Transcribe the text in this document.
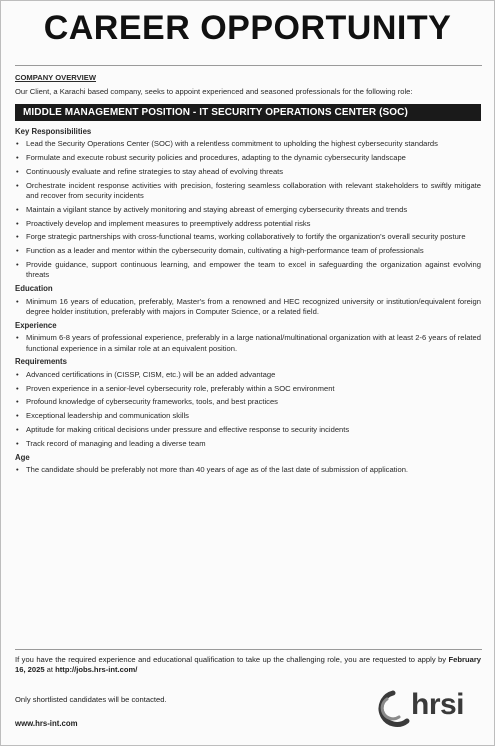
CAREER OPPORTUNITY
COMPANY OVERVIEW

Our Client, a Karachi based company, seeks to appoint experienced and seasoned professionals for the following role:

MIDDLE MANAGEMENT POSITION - IT SECURITY OPERATIONS CENTER (SOC)
Key Responsibilities
• Lead the Security Operations Center (SOC) with a relentless commitment to upholding the highest cybersecurity standards
• Formulate and execute robust security policies and procedures, adapting to the dynamic cybersecurity landscape
• Continuously evaluate and refine strategies to stay ahead of evolving threats
• Orchestrate incident response activities with precision, fostering seamless collaboration with relevant stakeholders to swiftly mitigate and recover from security incidents
• Maintain a vigilant stance by actively monitoring and staying abreast of emerging cybersecurity threats and trends
• Proactively develop and implement measures to preemptively address potential risks
• Forge strategic partnerships with cross-functional teams, working collaboratively to fortify the organization's overall security posture
• Function as a leader and mentor within the cybersecurity domain, cultivating a high-performance team of professionals
• Provide guidance, support continuous learning, and empower the team to excel in safeguarding the organization against evolving threats
Education
• Minimum 16 years of education, preferably, Master's from a renowned and HEC recognized university or institution/equivalent foreign degree holder institution, preferably with majors in Computer Science, or a related field.
Experience
• Minimum 6-8 years of professional experience, preferably in a large national/multinational organization with at least 2-6 years of related functional experience in a similar role at an equivalent position.
Requirements
• Advanced certifications in (CISSP, CISM, etc.) will be an added advantage
• Proven experience in a senior-level cybersecurity role, preferably within a SOC environment
• Profound knowledge of cybersecurity frameworks, tools, and best practices
• Exceptional leadership and communication skills
• Aptitude for making critical decisions under pressure and effective response to security incidents
• Track record of managing and leading a diverse team
Age
• The candidate should be preferably not more than 40 years of age as of the last date of submission of application.
If you have the required experience and educational qualification to take up the challenging role, you are requested to apply by February 16, 2025 at http://jobs.hrs-int.com/
Only shortlisted candidates will be contacted.
www.hrs-int.com
hrsi
